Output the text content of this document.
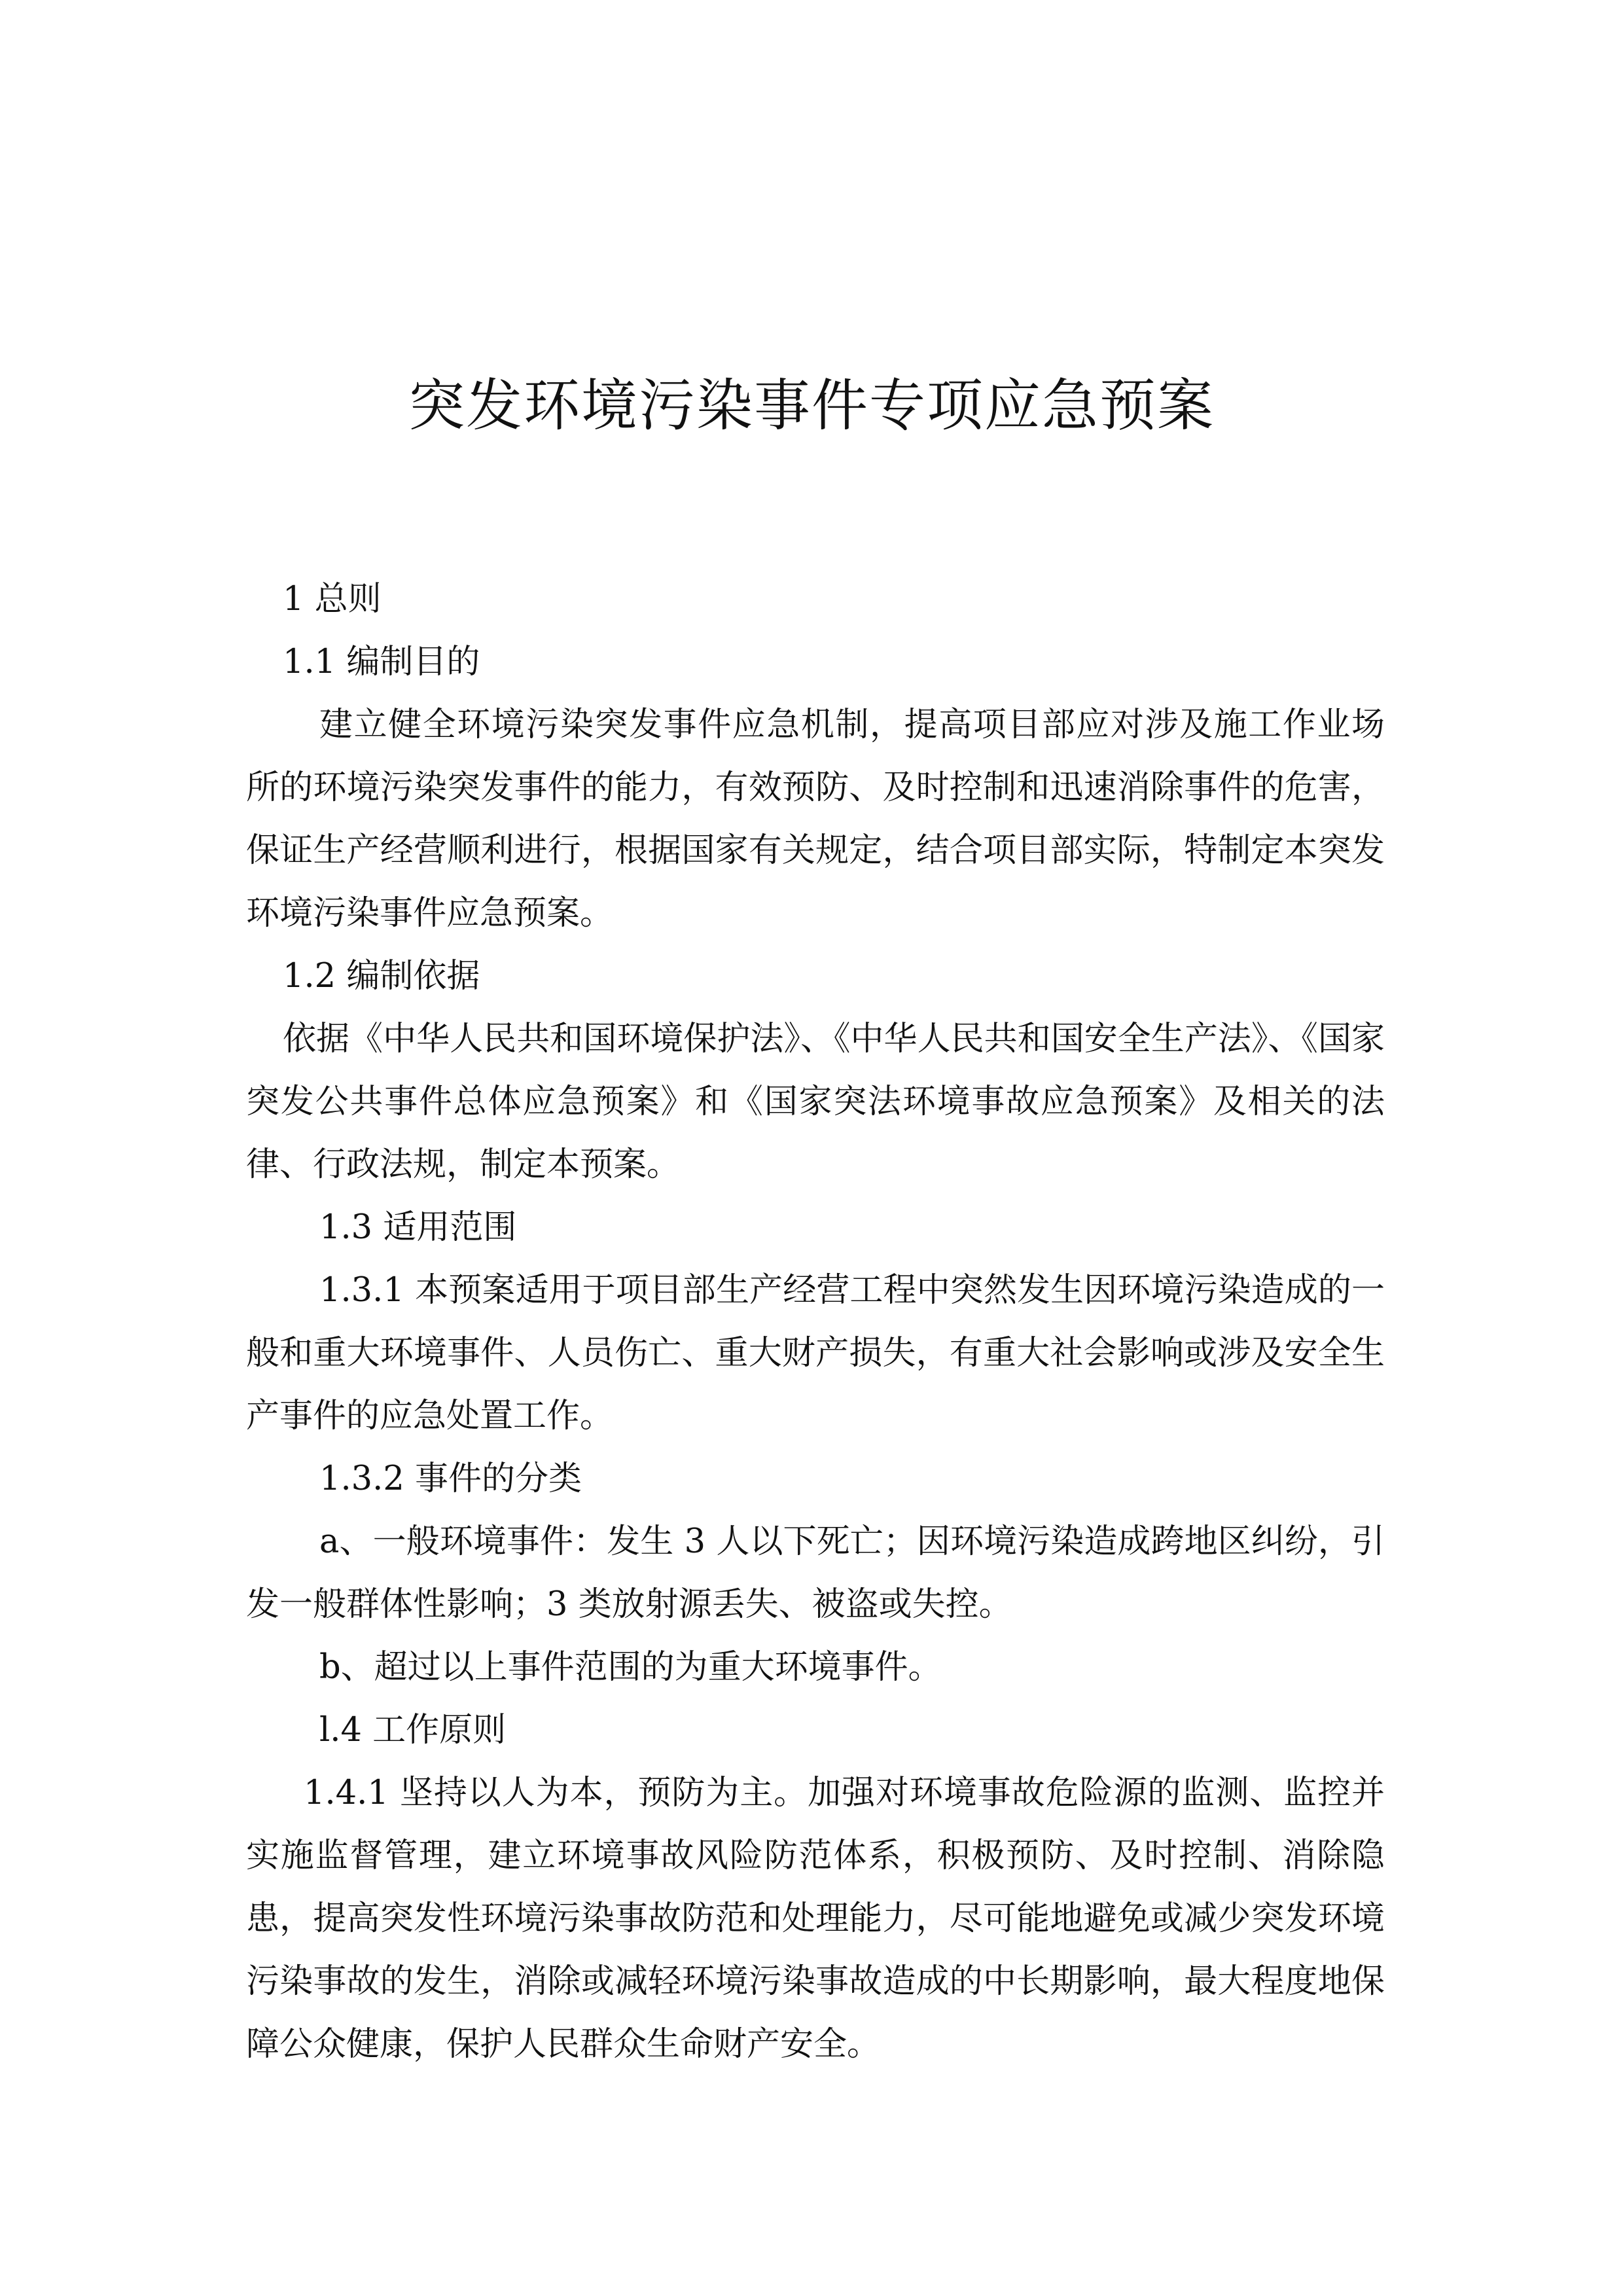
突发环境污染事件专项应急预案

1 总则

1.1 编制目的

建立健全环境污染突发事件应急机制，提高项目部应对涉及施工作业场所的环境污染突发事件的能力，有效预防、及时控制和迅速消除事件的危害，保证生产经营顺利进行，根据国家有关规定，结合项目部实际，特制定本突发环境污染事件应急预案。

1.2 编制依据

依据《中华人民共和国环境保护法》、《中华人民共和国安全生产法》、《国家突发公共事件总体应急预案》和《国家突法环境事故应急预案》及相关的法律、行政法规，制定本预案。

1.3 适用范围

1.3.1 本预案适用于项目部生产经营工程中突然发生因环境污染造成的一般和重大环境事件、人员伤亡、重大财产损失，有重大社会影响或涉及安全生产事件的应急处置工作。

1.3.2 事件的分类

a、一般环境事件：发生 3 人以下死亡；因环境污染造成跨地区纠纷，引发一般群体性影响；3 类放射源丢失、被盗或失控。

b、超过以上事件范围的为重大环境事件。

l.4 工作原则

1.4.1 坚持以人为本，预防为主。加强对环境事故危险源的监测、监控并实施监督管理，建立环境事故风险防范体系，积极预防、及时控制、消除隐患，提高突发性环境污染事故防范和处理能力，尽可能地避免或减少突发环境污染事故的发生，消除或减轻环境污染事故造成的中长期影响，最大程度地保障公众健康，保护人民群众生命财产安全。
